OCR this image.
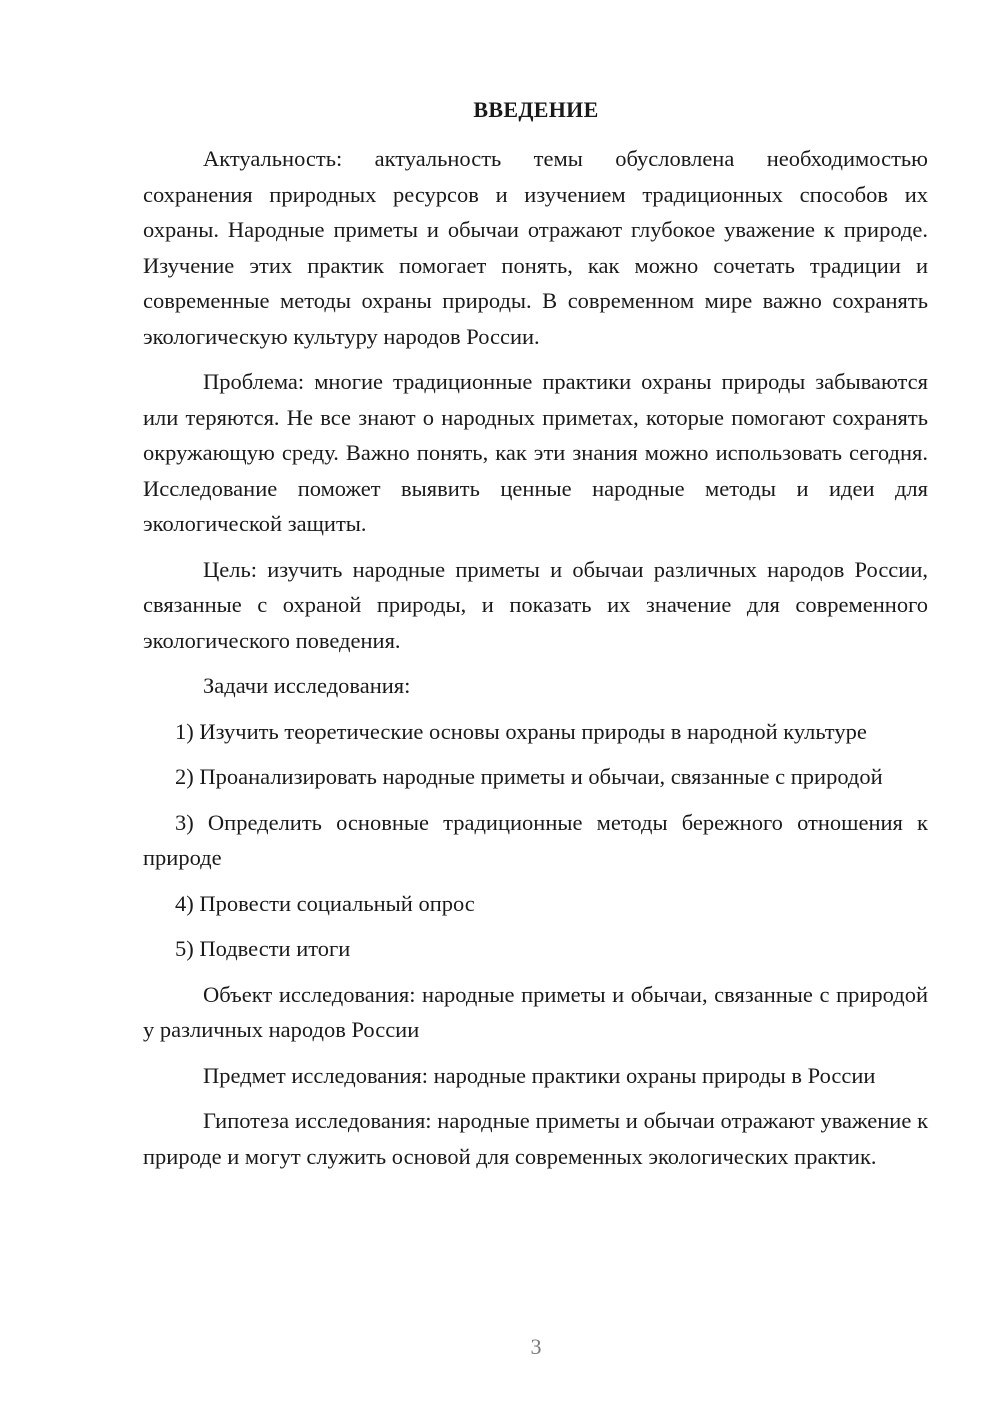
ВВЕДЕНИЕ

Актуальность: актуальность темы обусловлена необходимостью сохранения природных ресурсов и изучением традиционных способов их охраны. Народные приметы и обычаи отражают глубокое уважение к природе. Изучение этих практик помогает понять, как можно сочетать традиции и современные методы охраны природы. В современном мире важно сохранять экологическую культуру народов России.

Проблема: многие традиционные практики охраны природы забываются или теряются. Не все знают о народных приметах, которые помогают сохранять окружающую среду. Важно понять, как эти знания можно использовать сегодня. Исследование поможет выявить ценные народные методы и идеи для экологической защиты.

Цель: изучить народные приметы и обычаи различных народов России, связанные с охраной природы, и показать их значение для современного экологического поведения.

Задачи исследования:

1) Изучить теоретические основы охраны природы в народной культуре

2) Проанализировать народные приметы и обычаи, связанные с природой

3) Определить основные традиционные методы бережного отношения к природе

4) Провести социальный опрос

5) Подвести итоги

Объект исследования: народные приметы и обычаи, связанные с природой у различных народов России

Предмет исследования: народные практики охраны природы в России

Гипотеза исследования: народные приметы и обычаи отражают уважение к природе и могут служить основой для современных экологических практик.

3
